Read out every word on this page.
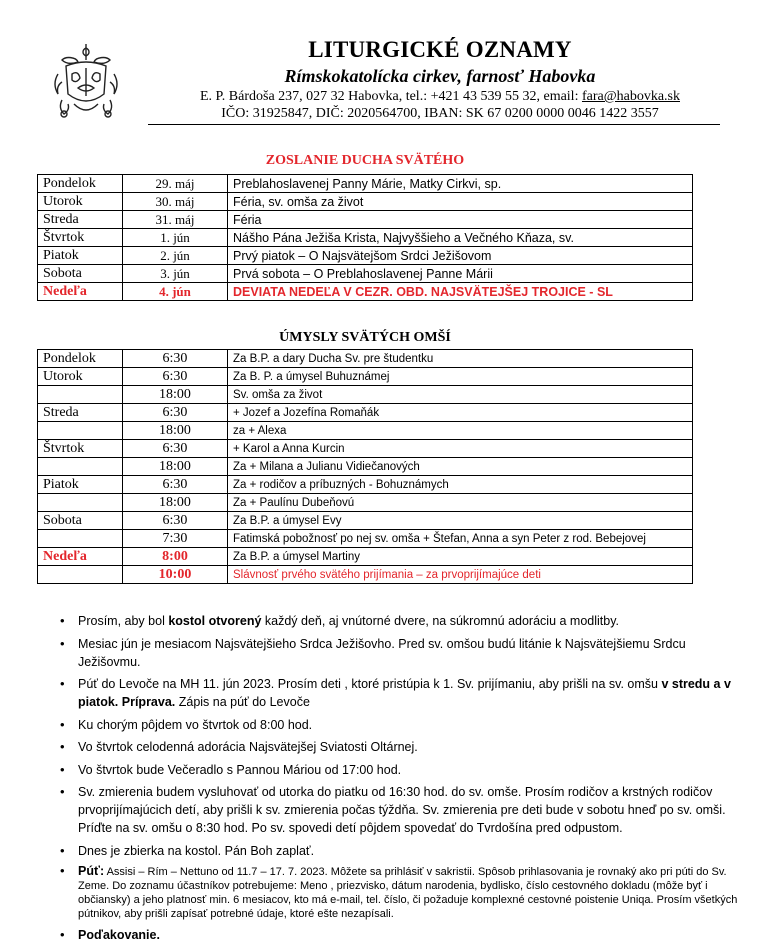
LITURGICKÉ OZNAMY
Rímskokatolícka cirkev, farnosť Habovka
E. P. Bárdoša 237, 027 32 Habovka, tel.: +421 43 539 55 32, email: fara@habovka.sk
IČO: 31925847, DIČ: 2020564700, IBAN: SK 67 0200 0000 0046 1422 3557
ZOSLANIE DUCHA SVÄTÉHO
Pondelok	29. máj	Preblahoslavenej Panny Márie, Matky Cirkvi, sp.
Utorok	30. máj	Féria, sv. omša za život
Streda	31. máj	Féria
Štvrtok	1. jún	Nášho Pána Ježiša Krista, Najvyššieho a Večného Kňaza, sv.
Piatok	2. jún	Prvý piatok – O Najsvätejšom Srdci Ježišovom
Sobota	3. jún	Prvá sobota – O Preblahoslavenej Panne Márii
Nedeľa	4. jún	DEVIATA NEDEĽA V CEZR. OBD. NAJSVÄTEJŠEJ TROJICE - SL
ÚMYSLY SVÄTÝCH OMŠÍ
Pondelok	6:30	Za B.P. a dary Ducha Sv. pre študentku
Utorok	6:30	Za B. P. a úmysel Buhuznámej
	18:00	Sv. omša za život
Streda	6:30	+ Jozef a Jozefína Romaňák
	18:00	za + Alexa
Štvrtok	6:30	+ Karol a Anna Kurcin
	18:00	Za + Milana a Julianu Vidiečanových
Piatok	6:30	Za + rodičov a príbuzných - Bohuznámych
	18:00	Za + Paulínu Dubeňovú
Sobota	6:30	Za B.P. a úmysel Evy
	7:30	Fatimská pobožnosť po nej sv. omša + Štefan, Anna a syn Peter z rod. Bebejovej
Nedeľa	8:00	Za B.P. a úmysel Martiny
	10:00	Slávnosť prvého svätého prijímania – za prvoprijímajúce deti
• Prosím, aby bol kostol otvorený každý deň, aj vnútorné dvere, na súkromnú adoráciu a modlitby.
• Mesiac jún je mesiacom Najsvätejšieho Srdca Ježišovho. Pred sv. omšou budú litánie k Najsvätejšiemu Srdcu Ježišovmu.
• Púť do Levoče na MH 11. jún 2023. Prosím deti , ktoré pristúpia k 1. Sv. prijímaniu, aby prišli na sv. omšu v stredu a v piatok. Príprava. Zápis na púť do Levoče
• Ku chorým pôjdem vo štvrtok od 8:00 hod.
• Vo štvrtok celodenná adorácia Najsvätejšej Sviatosti Oltárnej.
• Vo štvrtok bude Večeradlo s Pannou Máriou od 17:00 hod.
• Sv. zmierenia budem vysluhovať od utorka do piatku od 16:30 hod. do sv. omše. Prosím rodičov a krstných rodičov prvoprijímajúcich detí, aby prišli k sv. zmierenia počas týždňa. Sv. zmierenia pre deti bude v sobotu hneď po sv. omši. Príďte na sv. omšu o 8:30 hod. Po sv. spovedi detí pôjdem spovedať do Tvrdošína pred odpustom.
• Dnes je zbierka na kostol. Pán Boh zaplať.
• Púť: Assisi – Rím – Nettuno od 11.7 – 17. 7. 2023. Môžete sa prihlásiť v sakristii. Spôsob prihlasovania je rovnaký ako pri púti do Sv. Zeme. Do zoznamu účastníkov potrebujeme: Meno , priezvisko, dátum narodenia, bydlisko, číslo cestovného dokladu (môže byť i občiansky) a jeho platnosť min. 6 mesiacov, kto má e-mail, tel. číslo, či požaduje komplexné cestovné poistenie Uniqa. Prosím všetkých pútnikov, aby prišli zapísať potrebné údaje, ktoré ešte nezapísali.
• Poďakovanie.
